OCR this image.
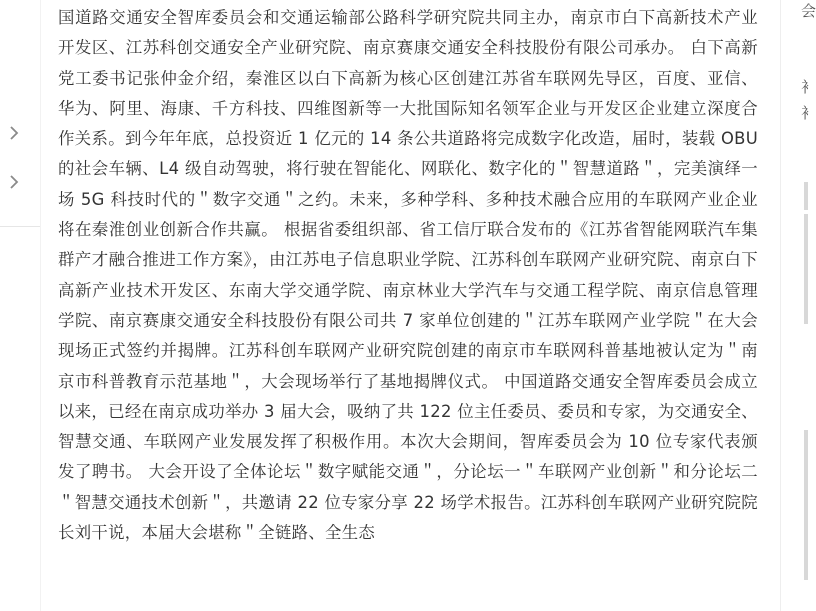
国道路交通安全智库委员会和交通运输部公路科学研究院共同主办，南京市白下高新技术产业开发区、江苏科创交通安全产业研究院、南京赛康交通安全科技股份有限公司承办。 白下高新党工委书记张仲金介绍，秦淮区以白下高新为核心区创建江苏省车联网先导区，百度、亚信、华为、阿里、海康、千方科技、四维图新等一大批国际知名领军企业与开发区企业建立深度合作关系。到今年年底，总投资近 1 亿元的 14 条公共道路将完成数字化改造，届时，装载 OBU 的社会车辆、L4 级自动驾驶，将行驶在智能化、网联化、数字化的＂智慧道路＂，完美演绎一场 5G 科技时代的＂数字交通＂之约。未来，多种学科、多种技术融合应用的车联网产业企业将在秦淮创业创新合作共赢。 根据省委组织部、省工信厅联合发布的《江苏省智能网联汽车集群产才融合推进工作方案》，由江苏电子信息职业学院、江苏科创车联网产业研究院、南京白下高新产业技术开发区、东南大学交通学院、南京林业大学汽车与交通工程学院、南京信息管理学院、南京赛康交通安全科技股份有限公司共 7 家单位创建的＂江苏车联网产业学院＂在大会现场正式签约并揭牌。江苏科创车联网产业研究院创建的南京市车联网科普基地被认定为＂南京市科普教育示范基地＂，大会现场举行了基地揭牌仪式。 中国道路交通安全智库委员会成立以来，已经在南京成功举办 3 届大会，吸纳了共 122 位主任委员、委员和专家，为交通安全、智慧交通、车联网产业发展发挥了积极作用。本次大会期间，智库委员会为 10 位专家代表颁发了聘书。 大会开设了全体论坛＂数字赋能交通＂，分论坛一＂车联网产业创新＂和分论坛二＂智慧交通技术创新＂，共邀请 22 位专家分享 22 场学术报告。江苏科创车联网产业研究院院长刘干说，本届大会堪称＂全链路、全生态

会
衤
衤
